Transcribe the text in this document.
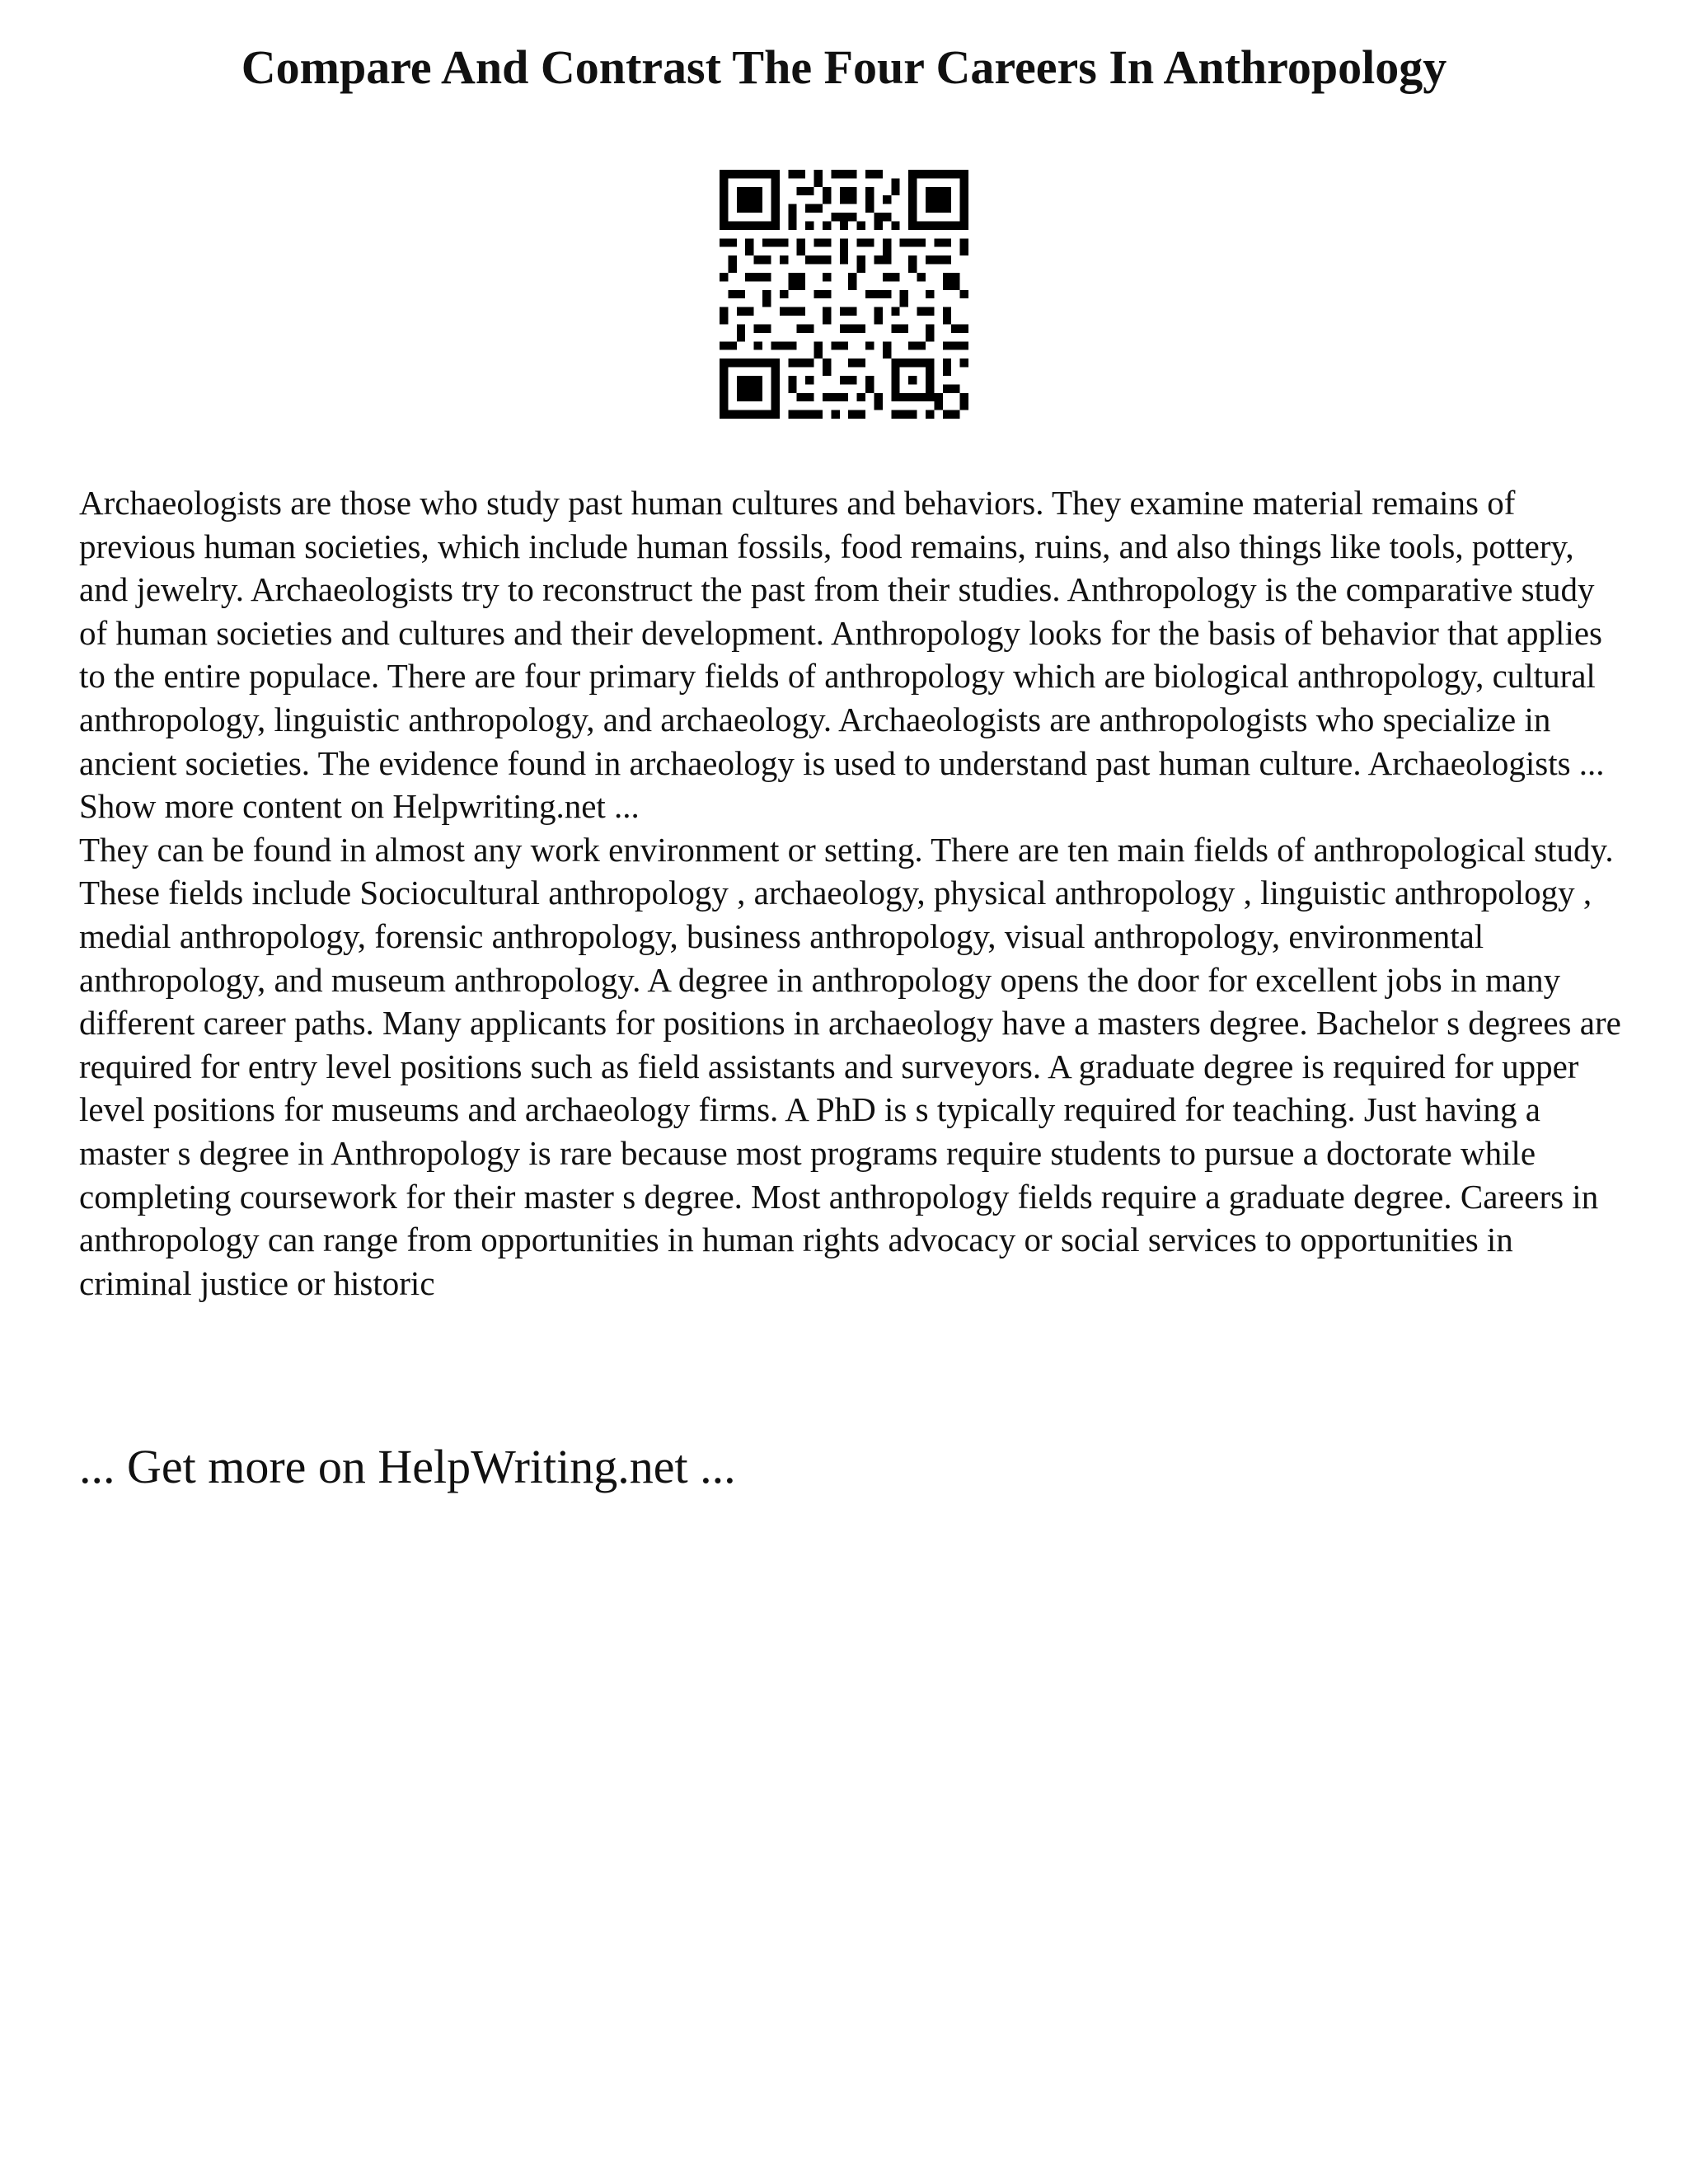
Compare And Contrast The Four Careers In Anthropology

Archaeologists are those who study past human cultures and behaviors. They examine material remains of previous human societies, which include human fossils, food remains, ruins, and also things like tools, pottery, and jewelry. Archaeologists try to reconstruct the past from their studies. Anthropology is the comparative study of human societies and cultures and their development. Anthropology looks for the basis of behavior that applies to the entire populace. There are four primary fields of anthropology which are biological anthropology, cultural anthropology, linguistic anthropology, and archaeology. Archaeologists are anthropologists who specialize in ancient societies. The evidence found in archaeology is used to understand past human culture. Archaeologists ... Show more content on Helpwriting.net ...

They can be found in almost any work environment or setting. There are ten main fields of anthropological study. These fields include Sociocultural anthropology , archaeology, physical anthropology , linguistic anthropology , medial anthropology, forensic anthropology, business anthropology, visual anthropology, environmental anthropology, and museum anthropology. A degree in anthropology opens the door for excellent jobs in many different career paths. Many applicants for positions in archaeology have a masters degree. Bachelor s degrees are required for entry level positions such as field assistants and surveyors. A graduate degree is required for upper level positions for museums and archaeology firms. A PhD is s typically required for teaching. Just having a master s degree in Anthropology is rare because most programs require students to pursue a doctorate while completing coursework for their master s degree. Most anthropology fields require a graduate degree. Careers in anthropology can range from opportunities in human rights advocacy or social services to opportunities in criminal justice or historic

... Get more on HelpWriting.net ...
